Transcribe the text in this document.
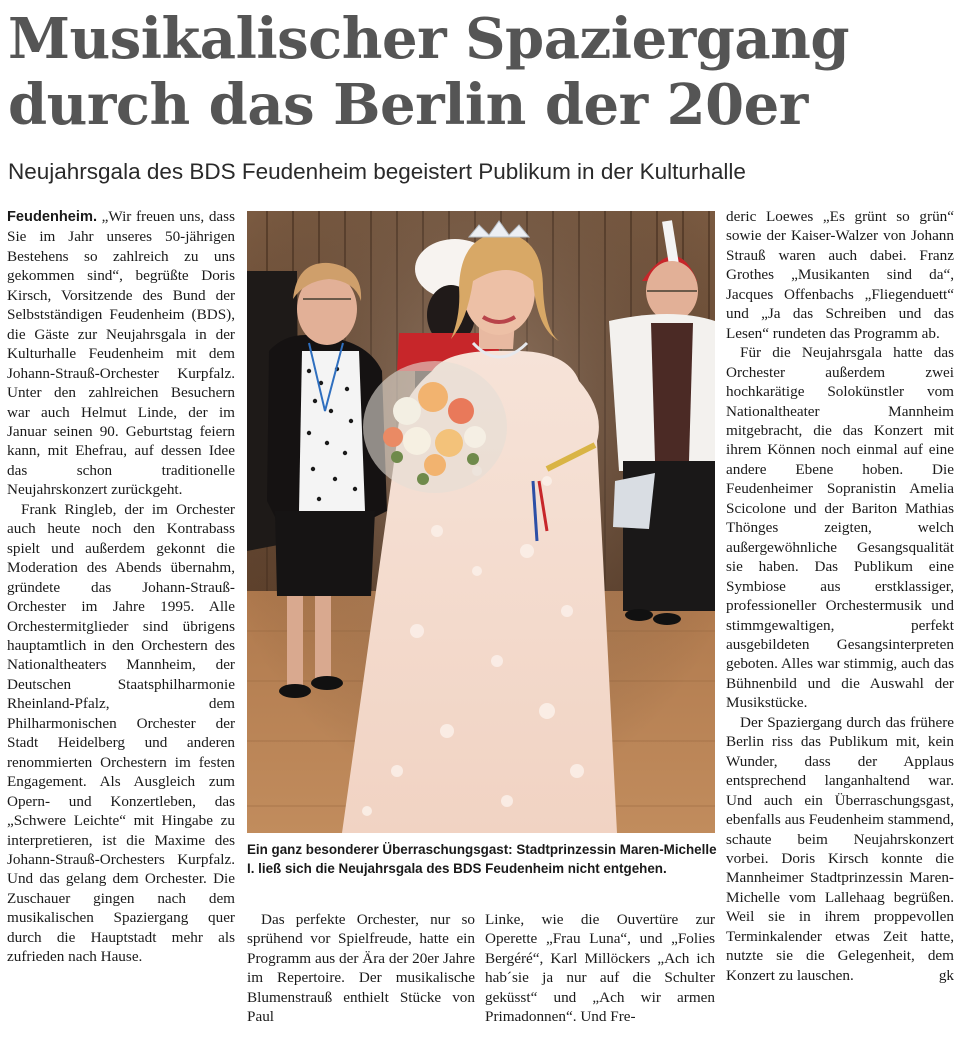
Musikalischer Spaziergang durch das Berlin der 20er
Neujahrsgala des BDS Feudenheim begeistert Publikum in der Kulturhalle

Feudenheim. „Wir freuen uns, dass Sie im Jahr unseres 50-jährigen Bestehens so zahlreich zu uns gekommen sind“, begrüßte Doris Kirsch, Vorsitzende des Bund der Selbstständigen Feudenheim (BDS), die Gäste zur Neujahrsgala in der Kulturhalle Feudenheim mit dem Johann-Strauß-Orchester Kurpfalz. Unter den zahlreichen Besuchern war auch Helmut Linde, der im Januar seinen 90. Geburtstag feiern kann, mit Ehefrau, auf dessen Idee das schon traditionelle Neujahrskonzert zurückgeht.

Frank Ringleb, der im Orchester auch heute noch den Kontrabass spielt und außerdem gekonnt die Moderation des Abends übernahm, gründete das Johann-Strauß-Orchester im Jahre 1995. Alle Orchestermitglieder sind übrigens hauptamtlich in den Orchestern des Nationaltheaters Mannheim, der Deutschen Staatsphilharmonie Rheinland-Pfalz, dem Philharmonischen Orchester der Stadt Heidelberg und anderen renommierten Orchestern im festen Engagement. Als Ausgleich zum Opern- und Konzertleben, das „Schwere Leichte“ mit Hingabe zu interpretieren, ist die Maxime des Johann-Strauß-Orchesters Kurpfalz. Und das gelang dem Orchester. Die Zuschauer gingen nach dem musikalischen Spaziergang quer durch die Hauptstadt mehr als zufrieden nach Hause.

Ein ganz besonderer Überraschungsgast: Stadtprinzessin Maren-Michelle I. ließ sich die Neujahrsgala des BDS Feudenheim nicht entgehen.

Das perfekte Orchester, nur so sprühend vor Spielfreude, hatte ein Programm aus der Ära der 20er Jahre im Repertoire. Der musikalische Blumenstrauß enthielt Stücke von Paul

Linke, wie die Ouvertüre zur Operette „Frau Luna“, und „Folies Bergéré“, Karl Millöckers „Ach ich hab´sie ja nur auf die Schulter geküsst“ und „Ach wir armen Primadonnen“. Und Fre-

deric Loewes „Es grünt so grün“ sowie der Kaiser-Walzer von Johann Strauß waren auch dabei. Franz Grothes „Musikanten sind da“, Jacques Offenbachs „Fliegenduett“ und „Ja das Schreiben und das Lesen“ rundeten das Programm ab.

Für die Neujahrsgala hatte das Orchester außerdem zwei hochkarätige Solokünstler vom Nationaltheater Mannheim mitgebracht, die das Konzert mit ihrem Können noch einmal auf eine andere Ebene hoben. Die Feudenheimer Sopranistin Amelia Scicolone und der Bariton Mathias Thönges zeigten, welch außergewöhnliche Gesangsqualität sie haben. Das Publikum eine Symbiose aus erstklassiger, professioneller Orchestermusik und stimmgewaltigen, perfekt ausgebildeten Gesangsinterpreten geboten. Alles war stimmig, auch das Bühnenbild und die Auswahl der Musikstücke.

Der Spaziergang durch das frühere Berlin riss das Publikum mit, kein Wunder, dass der Applaus entsprechend langanhaltend war. Und auch ein Überraschungsgast, ebenfalls aus Feudenheim stammend, schaute beim Neujahrskonzert vorbei. Doris Kirsch konnte die Mannheimer Stadtprinzessin Maren-Michelle vom Lallehaag begrüßen. Weil sie in ihrem proppevollen Terminkalender etwas Zeit hatte, nutzte sie die Gelegenheit, dem Konzert zu lauschen.	gk
